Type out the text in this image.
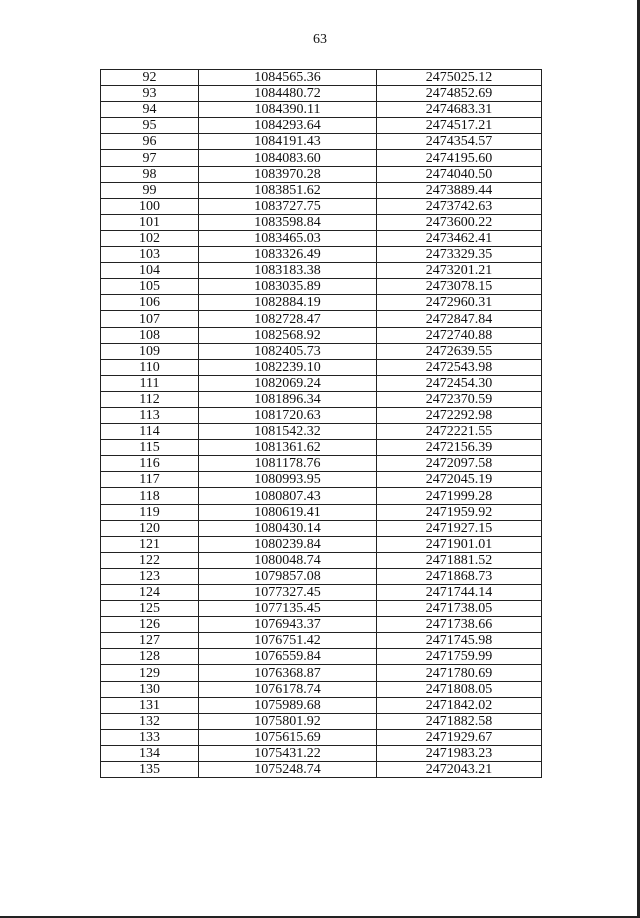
63
92	1084565.36	2475025.12
93	1084480.72	2474852.69
94	1084390.11	2474683.31
95	1084293.64	2474517.21
96	1084191.43	2474354.57
97	1084083.60	2474195.60
98	1083970.28	2474040.50
99	1083851.62	2473889.44
100	1083727.75	2473742.63
101	1083598.84	2473600.22
102	1083465.03	2473462.41
103	1083326.49	2473329.35
104	1083183.38	2473201.21
105	1083035.89	2473078.15
106	1082884.19	2472960.31
107	1082728.47	2472847.84
108	1082568.92	2472740.88
109	1082405.73	2472639.55
110	1082239.10	2472543.98
111	1082069.24	2472454.30
112	1081896.34	2472370.59
113	1081720.63	2472292.98
114	1081542.32	2472221.55
115	1081361.62	2472156.39
116	1081178.76	2472097.58
117	1080993.95	2472045.19
118	1080807.43	2471999.28
119	1080619.41	2471959.92
120	1080430.14	2471927.15
121	1080239.84	2471901.01
122	1080048.74	2471881.52
123	1079857.08	2471868.73
124	1077327.45	2471744.14
125	1077135.45	2471738.05
126	1076943.37	2471738.66
127	1076751.42	2471745.98
128	1076559.84	2471759.99
129	1076368.87	2471780.69
130	1076178.74	2471808.05
131	1075989.68	2471842.02
132	1075801.92	2471882.58
133	1075615.69	2471929.67
134	1075431.22	2471983.23
135	1075248.74	2472043.21
